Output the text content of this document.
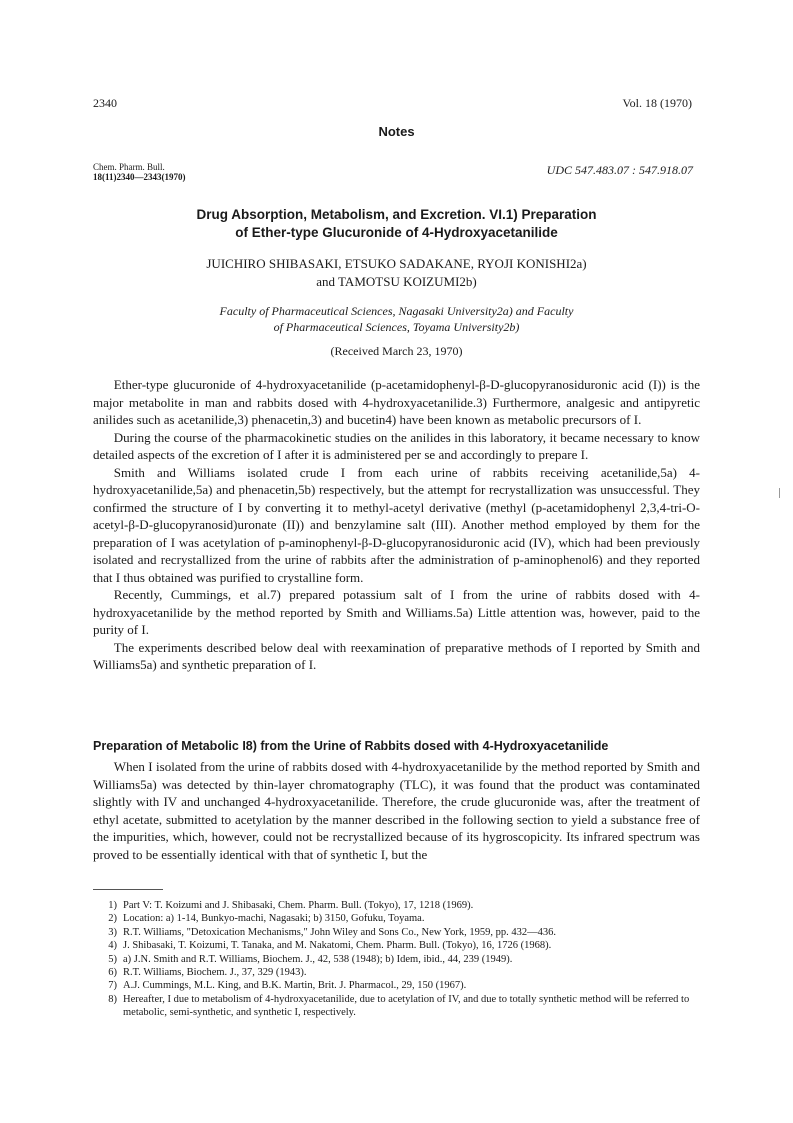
2340	Vol. 18 (1970)
Notes
Chem. Pharm. Bull.
18(11)2340—2343(1970)	UDC 547.483.07 : 547.918.07
Drug Absorption, Metabolism, and Excretion. VI.1) Preparation
of Ether-type Glucuronide of 4-Hydroxyacetanilide
JUICHIRO SHIBASAKI, ETSUKO SADAKANE, RYOJI KONISHI2a)
and TAMOTSU KOIZUMI2b)
Faculty of Pharmaceutical Sciences, Nagasaki University2a) and Faculty
of Pharmaceutical Sciences, Toyama University2b)
(Received March 23, 1970)

Ether-type glucuronide of 4-hydroxyacetanilide (p-acetamidophenyl-β-D-glucopyranosiduronic acid (I)) is the major metabolite in man and rabbits dosed with 4-hydroxyacetanilide.3) Furthermore, analgesic and antipyretic anilides such as acetanilide,3) phenacetin,3) and bucetin4) have been known as metabolic precursors of I.

During the course of the pharmacokinetic studies on the anilides in this laboratory, it became necessary to know detailed aspects of the excretion of I after it is administered per se and accordingly to prepare I.

Smith and Williams isolated crude I from each urine of rabbits receiving acetanilide,5a) 4-hydroxyacetanilide,5a) and phenacetin,5b) respectively, but the attempt for recrystallization was unsuccessful. They confirmed the structure of I by converting it to methyl-acetyl derivative (methyl (p-acetamidophenyl 2,3,4-tri-O-acetyl-β-D-glucopyranosid)uronate (II)) and benzylamine salt (III). Another method employed by them for the preparation of I was acetylation of p-aminophenyl-β-D-glucopyranosiduronic acid (IV), which had been previously isolated and recrystallized from the urine of rabbits after the administration of p-aminophenol6) and they reported that I thus obtained was purified to crystalline form.

Recently, Cummings, et al.7) prepared potassium salt of I from the urine of rabbits dosed with 4-hydroxyacetanilide by the method reported by Smith and Williams.5a) Little attention was, however, paid to the purity of I.

The experiments described below deal with reexamination of preparative methods of I reported by Smith and Williams5a) and synthetic preparation of I.

Preparation of Metabolic I8) from the Urine of Rabbits dosed with 4-Hydroxyacetanilide

When I isolated from the urine of rabbits dosed with 4-hydroxyacetanilide by the method reported by Smith and Williams5a) was detected by thin-layer chromatography (TLC), it was found that the product was contaminated slightly with IV and unchanged 4-hydroxyacetanilide. Therefore, the crude glucuronide was, after the treatment of ethyl acetate, submitted to acetylation by the manner described in the following section to yield a substance free of the impurities, which, however, could not be recrystallized because of its hygroscopicity. Its infrared spectrum was proved to be essentially identical with that of synthetic I, but the

1) Part V: T. Koizumi and J. Shibasaki, Chem. Pharm. Bull. (Tokyo), 17, 1218 (1969).
2) Location: a) 1-14, Bunkyo-machi, Nagasaki; b) 3150, Gofuku, Toyama.
3) R.T. Williams, "Detoxication Mechanisms," John Wiley and Sons Co., New York, 1959, pp. 432—436.
4) J. Shibasaki, T. Koizumi, T. Tanaka, and M. Nakatomi, Chem. Pharm. Bull. (Tokyo), 16, 1726 (1968).
5) a) J.N. Smith and R.T. Williams, Biochem. J., 42, 538 (1948); b) Idem, ibid., 44, 239 (1949).
6) R.T. Williams, Biochem. J., 37, 329 (1943).
7) A.J. Cummings, M.L. King, and B.K. Martin, Brit. J. Pharmacol., 29, 150 (1967).
8) Hereafter, I due to metabolism of 4-hydroxyacetanilide, due to acetylation of IV, and due to totally synthetic method will be referred to metabolic, semi-synthetic, and synthetic I, respectively.
